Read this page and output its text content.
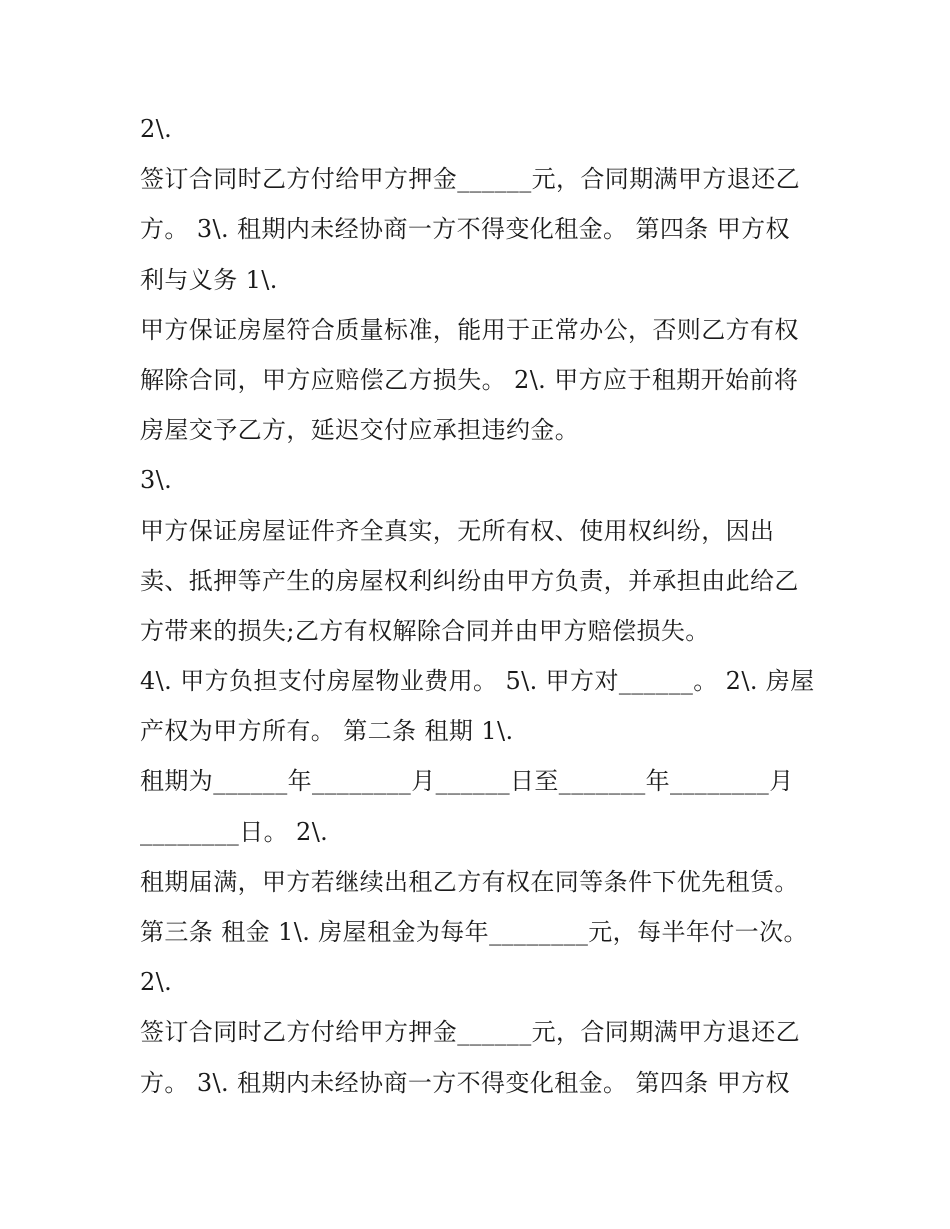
2\.
签订合同时乙方付给甲方押金______元，合同期满甲方退还乙
方。 3\. 租期内未经协商一方不得变化租金。 第四条 甲方权
利与义务 1\.
甲方保证房屋符合质量标准，能用于正常办公，否则乙方有权
解除合同，甲方应赔偿乙方损失。 2\. 甲方应于租期开始前将
房屋交予乙方，延迟交付应承担违约金。
3\.
甲方保证房屋证件齐全真实，无所有权、使用权纠纷，因出
卖、抵押等产生的房屋权利纠纷由甲方负责，并承担由此给乙
方带来的损失;乙方有权解除合同并由甲方赔偿损失。
4\. 甲方负担支付房屋物业费用。 5\. 甲方对______。 2\. 房屋
产权为甲方所有。 第二条 租期 1\.
租期为______年________月______日至_______年________月
________日。 2\.
租期届满，甲方若继续出租乙方有权在同等条件下优先租赁。
第三条 租金 1\. 房屋租金为每年________元，每半年付一次。
2\.
签订合同时乙方付给甲方押金______元，合同期满甲方退还乙
方。 3\. 租期内未经协商一方不得变化租金。 第四条 甲方权
